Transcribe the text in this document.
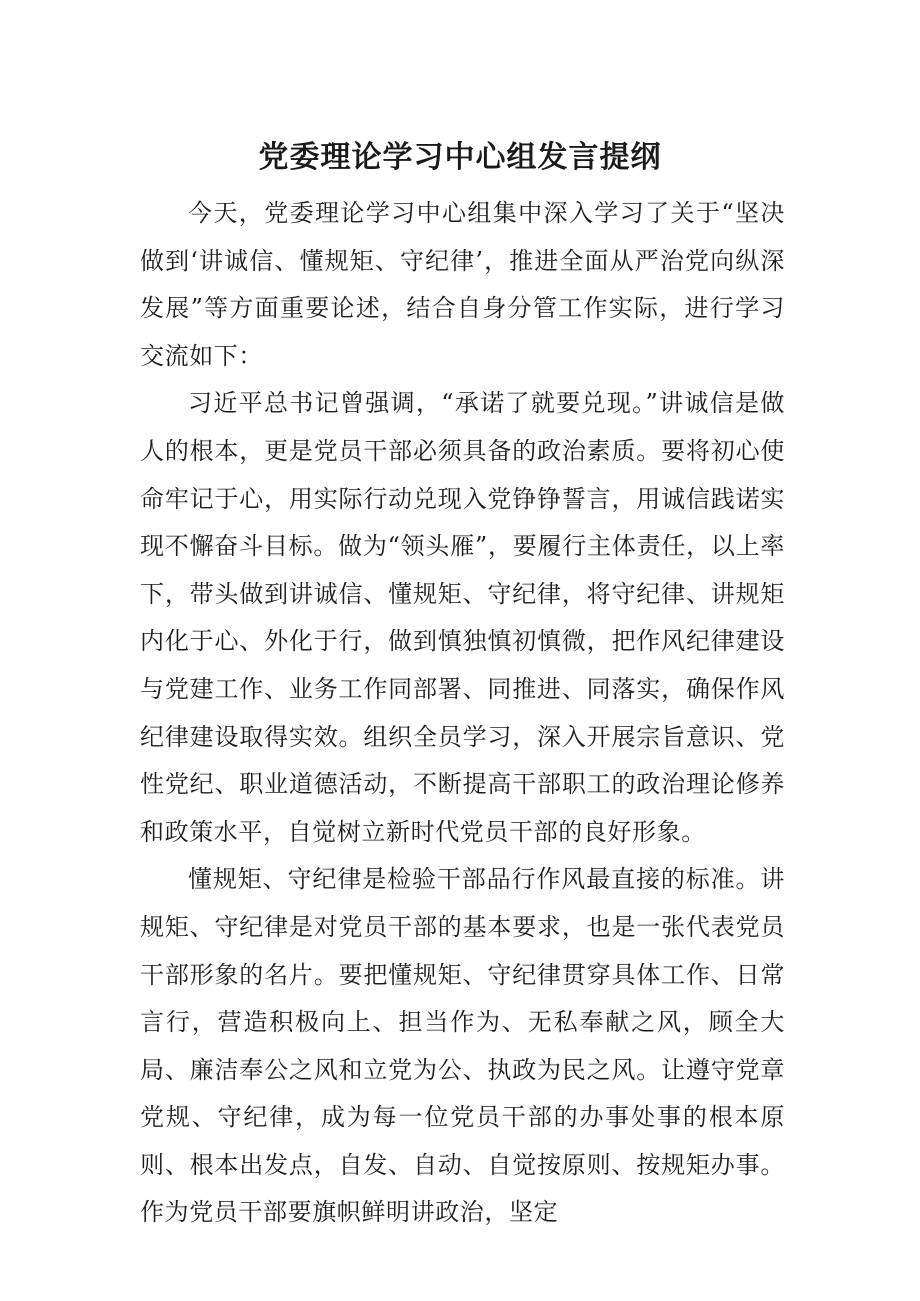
党委理论学习中心组发言提纲

今天，党委理论学习中心组集中深入学习了关于“坚决做到‘讲诚信、懂规矩、守纪律’，推进全面从严治党向纵深发展”等方面重要论述，结合自身分管工作实际，进行学习交流如下：

习近平总书记曾强调，“承诺了就要兑现。”讲诚信是做人的根本，更是党员干部必须具备的政治素质。要将初心使命牢记于心，用实际行动兑现入党铮铮誓言，用诚信践诺实现不懈奋斗目标。做为“领头雁”，要履行主体责任，以上率下，带头做到讲诚信、懂规矩、守纪律，将守纪律、讲规矩内化于心、外化于行，做到慎独慎初慎微，把作风纪律建设与党建工作、业务工作同部署、同推进、同落实，确保作风纪律建设取得实效。组织全员学习，深入开展宗旨意识、党性党纪、职业道德活动，不断提高干部职工的政治理论修养和政策水平，自觉树立新时代党员干部的良好形象。

懂规矩、守纪律是检验干部品行作风最直接的标准。讲规矩、守纪律是对党员干部的基本要求，也是一张代表党员干部形象的名片。要把懂规矩、守纪律贯穿具体工作、日常言行，营造积极向上、担当作为、无私奉献之风，顾全大局、廉洁奉公之风和立党为公、执政为民之风。让遵守党章党规、守纪律，成为每一位党员干部的办事处事的根本原则、根本出发点，自发、自动、自觉按原则、按规矩办事。作为党员干部要旗帜鲜明讲政治，坚定
